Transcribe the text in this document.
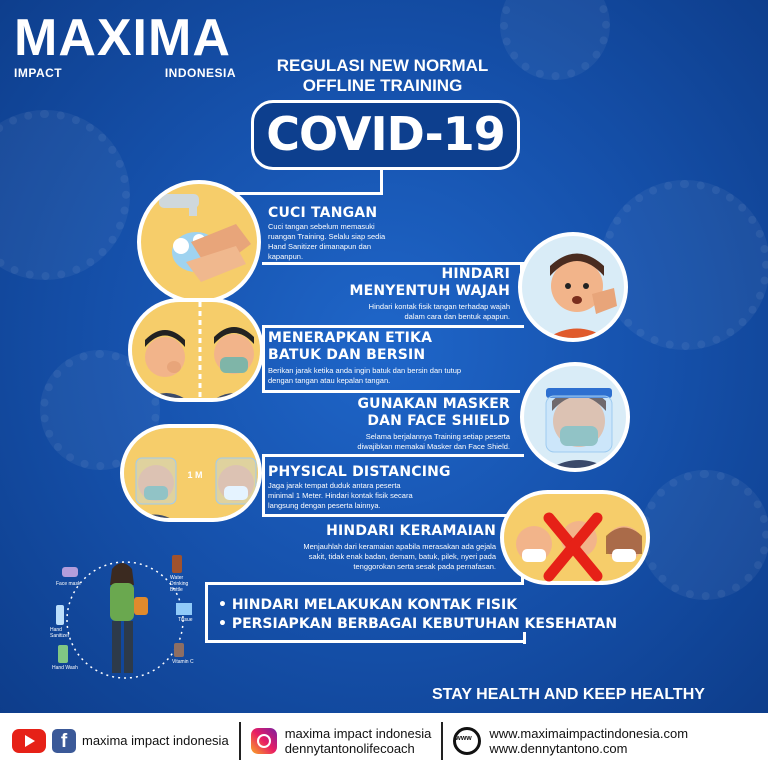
MAXIMA
IMPACT	INDONESIA	REGULASI NEW NORMAL
OFFLINE TRAINING
COVID-19
CUCI TANGAN
Cuci tangan sebelum memasuki ruangan Training. Selalu siap sedia Hand Sanitizer dimanapun dan kapanpun.
HINDARI
MENYENTUH WAJAH
Hindari kontak fisik tangan terhadap wajah dalam cara dan bentuk apapun.
MENERAPKAN ETIKA
BATUK DAN BERSIN
Berikan jarak ketika anda ingin batuk dan bersin dan tutup dengan tangan atau kepalan tangan.
GUNAKAN MASKER
DAN FACE SHIELD
Selama berjalannya Training setiap peserta diwajibkan memakai Masker dan Face Shield.
1 M	PHYSICAL DISTANCING
Jaga jarak tempat duduk antara peserta minimal 1 Meter. Hindari kontak fisik secara langsung dengan peserta lainnya.
HINDARI KERAMAIAN
Menjauhlah dari keramaian apabila merasakan ada gejala sakit, tidak enak badan, demam, batuk, pilek, nyeri pada tenggorokan serta sesak pada pernafasan.
• HINDARI MELAKUKAN KONTAK FISIK
• PERSIAPKAN BERBAGAI KEBUTUHAN KESEHATAN
Face mask
Water Drinking Bottle
Hand Sanitizer
Tissue
Hand Wash
Vitamin C
STAY HEALTH AND KEEP HEALTHY
f	maxima impact indonesia	maxima impact indonesia
dennytantonolifecoach
www
www.maximaimpactindonesia.com
www.dennytantono.com
